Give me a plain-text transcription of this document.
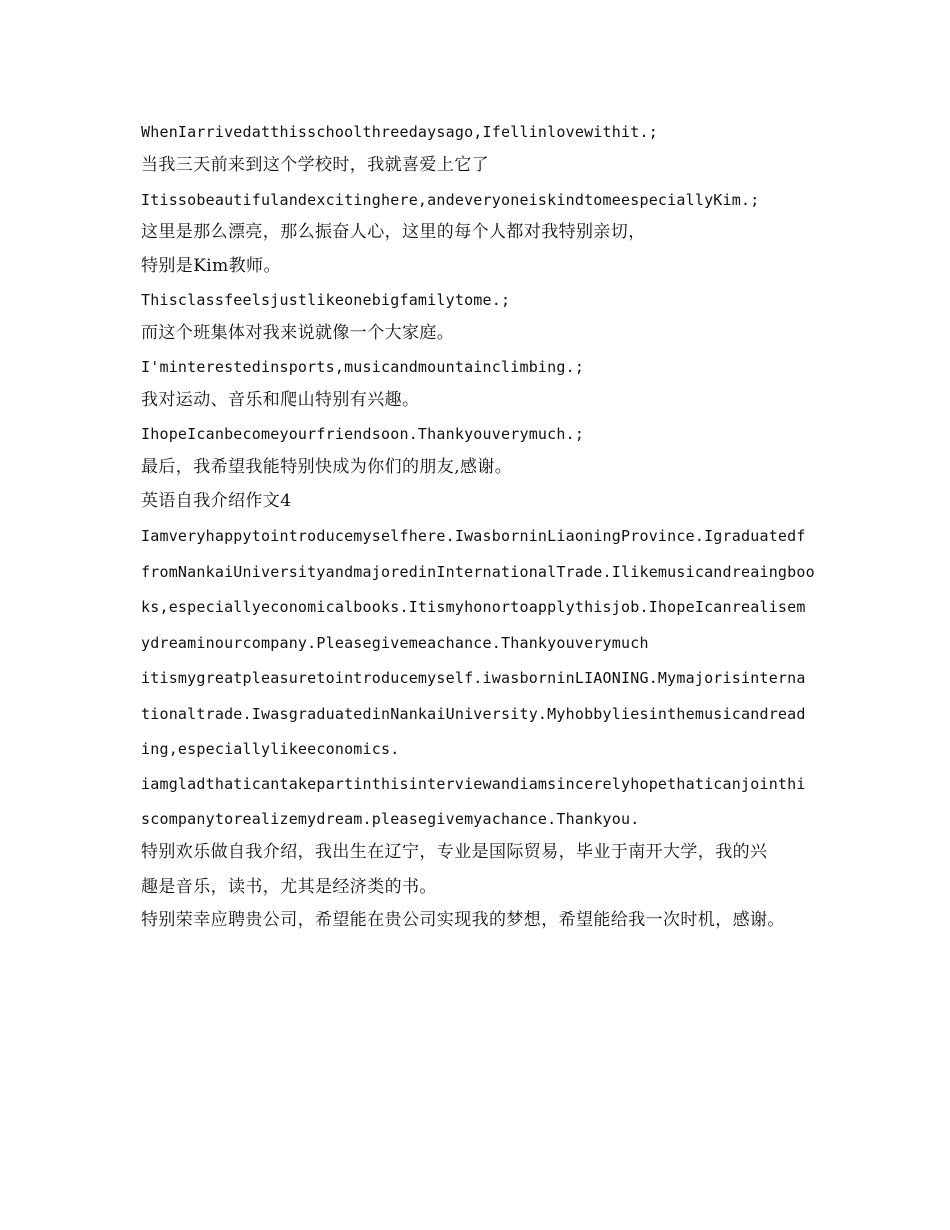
WhenIarrivedatthisschoolthreedaysago,Ifellinlovewithit.;
当我三天前来到这个学校时，我就喜爱上它了
Itissobeautifulandexcitinghere,andeveryoneiskindtomeespeciallyKim.;
这里是那么漂亮，那么振奋人心，这里的每个人都对我特别亲切，
特别是Kim教师。
Thisclassfeelsjustlikeonebigfamilytome.;
而这个班集体对我来说就像一个大家庭。
I'minterestedinsports,musicandmountainclimbing.;
我对运动、音乐和爬山特别有兴趣。
IhopeIcanbecomeyourfriendsoon.Thankyouverymuch.;
最后，我希望我能特别快成为你们的朋友,感谢。
英语自我介绍作文4
Iamveryhappytointroducemyselfhere.IwasborninLiaoningProvince.Igraduatedf
fromNankaiUniversityandmajoredinInternationalTrade.Ilikemusicandreaingboo
ks,especiallyeconomicalbooks.Itismyhonortoapplythisjob.IhopeIcanrealisem
ydreaminourcompany.Pleasegivemeachance.Thankyouverymuch
itismygreatpleasuretointroducemyself.iwasborninLIAONING.Mymajorisinterna
tionaltrade.IwasgraduatedinNankaiUniversity.Myhobbyliesinthemusicandread
ing,especiallylikeeconomics.
iamgladthaticantakepartinthisinterviewandiamsincerelyhopethaticanjointhi
scompanytorealizemydream.pleasegivemyachance.Thankyou.
特别欢乐做自我介绍，我出生在辽宁，专业是国际贸易，毕业于南开大学，我的兴
趣是音乐，读书，尤其是经济类的书。
特别荣幸应聘贵公司，希望能在贵公司实现我的梦想，希望能给我一次时机，感谢。
